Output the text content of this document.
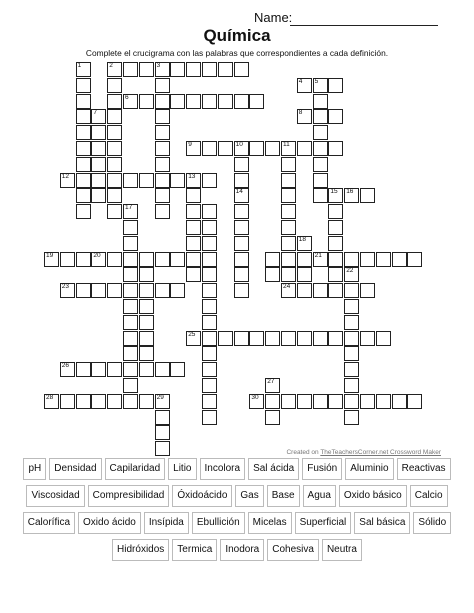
Name:
Química
Complete el crucigrama con las palabras que correspondientes a cada definición.
2	3
6
4 5
8
9	10	11
12	13
15 16
19	20	21
23	24
25
26
28	29	30
1
7
14
17
18
22
27
Created on TheTeachersCorner.net Crossword Maker
pH	Densidad	Capilaridad	Litio	Incolora	Sal ácida	Fusión	Aluminio	Reactivas
Viscosidad	Compresibilidad	Óxidoácido	Gas	Base	Agua	Oxido básico	Calcio
Calorífica	Oxido ácido	Insípida	Ebullición	Micelas	Superficial	Sal básica	Sólido
Hidróxidos	Termica	Inodora	Cohesiva	Neutra
